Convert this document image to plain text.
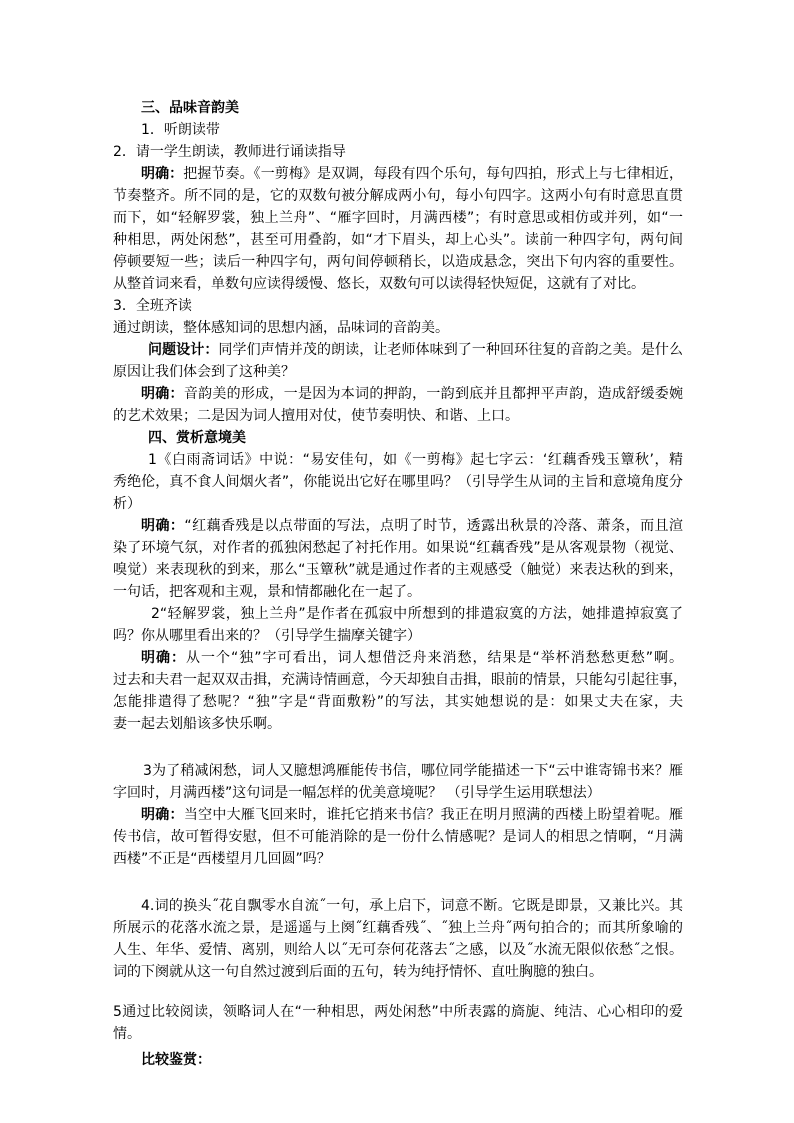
三、品味音韵美

1．听朗读带

2．请一学生朗读，教师进行诵读指导

明确：把握节奏。《一剪梅》是双调，每段有四个乐句，每句四拍，形式上与七律相近，

节奏整齐。所不同的是，它的双数句被分解成两小句，每小句四字。这两小句有时意思直贯

而下，如“轻解罗裳，独上兰舟”、“雁字回时，月满西楼”；有时意思或相仿或并列，如“一

种相思，两处闲愁”，甚至可用叠韵，如“才下眉头，却上心头”。读前一种四字句，两句间

停顿要短一些；读后一种四字句，两句间停顿稍长，以造成悬念，突出下句内容的重要性。

从整首词来看，单数句应读得缓慢、悠长，双数句可以读得轻快短促，这就有了对比。

3．全班齐读

通过朗读，整体感知词的思想内涵，品味词的音韵美。

问题设计：同学们声情并茂的朗读，让老师体味到了一种回环往复的音韵之美。是什么

原因让我们体会到了这种美？

明确：音韵美的形成，一是因为本词的押韵，一韵到底并且都押平声韵，造成舒缓委婉

的艺术效果；二是因为词人擅用对仗，使节奏明快、和谐、上口。

四、赏析意境美

1《白雨斋词话》中说：“易安佳句，如《一剪梅》起七字云：‘红藕香残玉簟秋’，精

秀绝伦，真不食人间烟火者”，你能说出它好在哪里吗？（引导学生从词的主旨和意境角度分

析）

明确：“红藕香残是以点带面的写法，点明了时节，透露出秋景的冷落、萧条，而且渲

染了环境气氛，对作者的孤独闲愁起了衬托作用。如果说“红藕香残”是从客观景物（视觉、

嗅觉）来表现秋的到来，那么“玉簟秋”就是通过作者的主观感受（触觉）来表达秋的到来，

一句话，把客观和主观，景和情都融化在一起了。

2“轻解罗裳，独上兰舟”是作者在孤寂中所想到的排遣寂寞的方法，她排遣掉寂寞了

吗？你从哪里看出来的？（引导学生揣摩关键字）

明确：从一个“独”字可看出，词人想借泛舟来消愁，结果是“举杯消愁愁更愁”啊。

过去和夫君一起双双击揖，充满诗情画意，今天却独自击揖，眼前的情景，只能勾引起往事，

怎能排遣得了愁呢？“独”字是“背面敷粉”的写法，其实她想说的是：如果丈夫在家，夫

妻一起去划船该多快乐啊。

3为了稍减闲愁，词人又臆想鸿雁能传书信，哪位同学能描述一下“云中谁寄锦书来？雁

字回时，月满西楼”这句词是一幅怎样的优美意境呢？ （引导学生运用联想法）

明确：当空中大雁飞回来时，谁托它捎来书信？我正在明月照满的西楼上盼望着呢。雁

传书信，故可暂得安慰，但不可能消除的是一份什么情感呢？是词人的相思之情啊，“月满

西楼”不正是“西楼望月几回圆”吗？

4.词的换头˝花自飘零水自流˝一句，承上启下，词意不断。它既是即景，又兼比兴。其

所展示的花落水流之景，是遥遥与上阕˝红藕香残˝、˝独上兰舟˝两句拍合的；而其所象喻的

人生、年华、爱情、离别，则给人以˝无可奈何花落去˝之感，以及˝水流无限似依愁˝之恨。

词的下阕就从这一句自然过渡到后面的五句，转为纯抒情怀、直吐胸臆的独白。

5通过比较阅读，领略词人在“一种相思，两处闲愁”中所表露的旖旎、纯洁、心心相印的爱

情。

比较鉴赏：
